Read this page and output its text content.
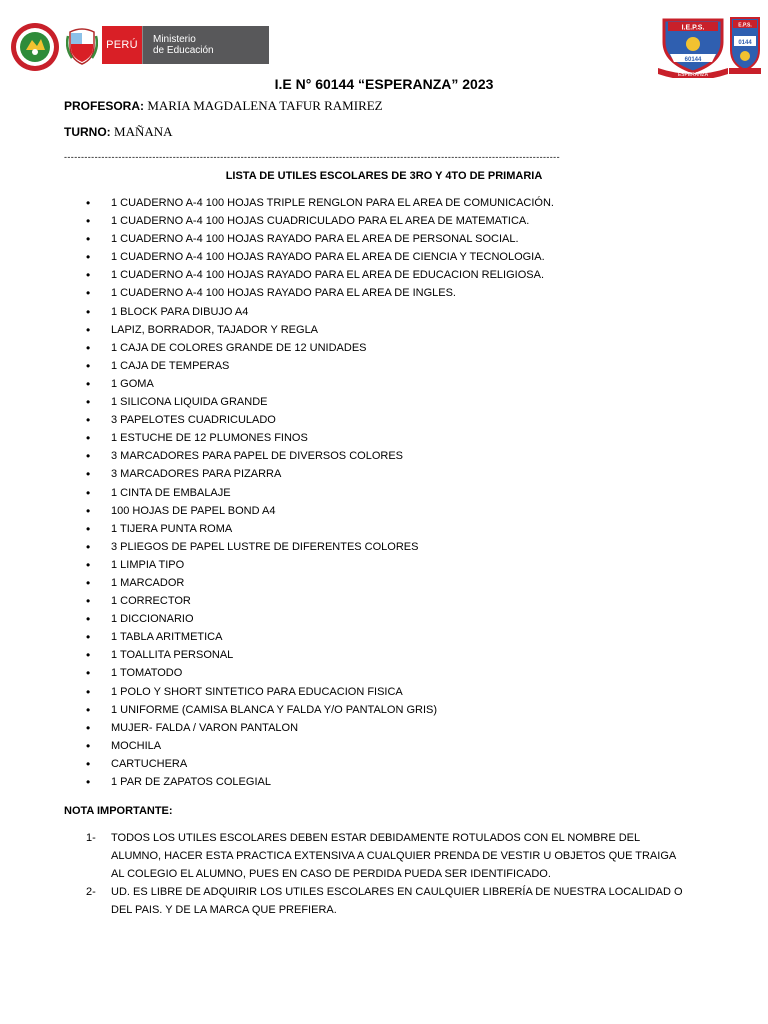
PERÚ	Ministerio
de Educación
I.E.P.S.
60144
ESPERANZA
E.P.S.
0144
I.E N° 60144 “ESPERANZA” 2023
PROFESORA: MARIA MAGDALENA TAFUR RAMIREZ
TURNO: MAÑANA
--------------------------------------------------------------------------------------------------------------------------------------------------
LISTA DE UTILES ESCOLARES DE 3RO Y 4TO DE PRIMARIA
• 1 CUADERNO A-4 100 HOJAS TRIPLE RENGLON PARA EL AREA DE COMUNICACIÓN.
• 1 CUADERNO A-4 100 HOJAS CUADRICULADO PARA EL AREA DE MATEMATICA.
• 1 CUADERNO A-4 100 HOJAS RAYADO PARA EL AREA DE PERSONAL SOCIAL.
• 1 CUADERNO A-4 100 HOJAS RAYADO PARA EL AREA DE CIENCIA Y TECNOLOGIA.
• 1 CUADERNO A-4 100 HOJAS RAYADO PARA EL AREA DE EDUCACION RELIGIOSA.
• 1 CUADERNO A-4 100 HOJAS RAYADO PARA EL AREA DE INGLES.
• 1 BLOCK PARA DIBUJO A4
• LAPIZ, BORRADOR, TAJADOR Y REGLA
• 1 CAJA DE COLORES GRANDE DE 12 UNIDADES
• 1 CAJA DE TEMPERAS
• 1 GOMA
• 1 SILICONA LIQUIDA GRANDE
• 3 PAPELOTES CUADRICULADO
• 1 ESTUCHE DE 12 PLUMONES FINOS
• 3 MARCADORES PARA PAPEL DE DIVERSOS COLORES
• 3 MARCADORES PARA PIZARRA
• 1 CINTA DE EMBALAJE
• 100 HOJAS DE PAPEL BOND A4
• 1 TIJERA PUNTA ROMA
• 3 PLIEGOS DE PAPEL LUSTRE DE DIFERENTES COLORES
• 1 LIMPIA TIPO
• 1 MARCADOR
• 1 CORRECTOR
• 1 DICCIONARIO
• 1 TABLA ARITMETICA
• 1 TOALLITA PERSONAL
• 1 TOMATODO
• 1 POLO Y SHORT SINTETICO PARA EDUCACION FISICA
• 1 UNIFORME (CAMISA BLANCA Y FALDA Y/O PANTALON GRIS)
• MUJER- FALDA / VARON PANTALON
• MOCHILA
• CARTUCHERA
• 1 PAR DE ZAPATOS COLEGIAL
NOTA IMPORTANTE:
1- TODOS LOS UTILES ESCOLARES DEBEN ESTAR DEBIDAMENTE ROTULADOS CON EL NOMBRE DEL ALUMNO, HACER ESTA PRACTICA EXTENSIVA A CUALQUIER PRENDA DE VESTIR U OBJETOS QUE TRAIGA AL COLEGIO EL ALUMNO, PUES EN CASO DE PERDIDA PUEDA SER IDENTIFICADO.
2- UD. ES LIBRE DE ADQUIRIR LOS UTILES ESCOLARES EN CAULQUIER LIBRERÍA DE NUESTRA LOCALIDAD O DEL PAIS. Y DE LA MARCA QUE PREFIERA.
